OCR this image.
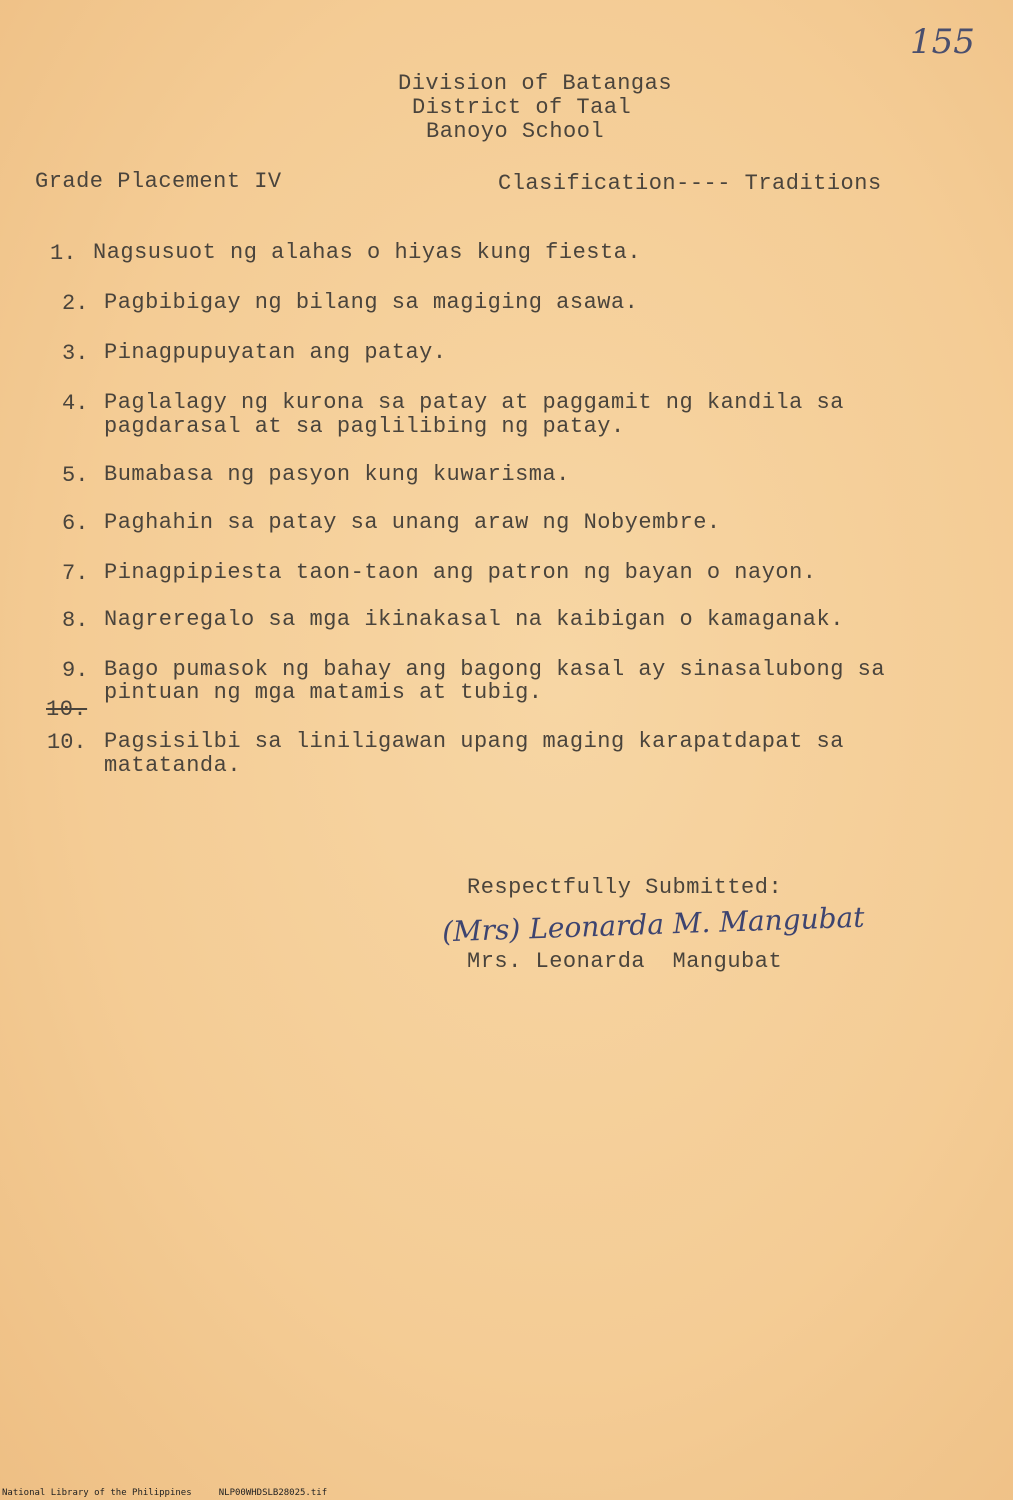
155
Division of Batangas
District of Taal
Banoyo School
Grade Placement IV	Clasification---- Traditions
1. Nagsusuot ng alahas o hiyas kung fiesta.
2. Pagbibigay ng bilang sa magiging asawa.
3. Pinagpupuyatan ang patay.
4. Paglalagy ng kurona sa patay at paggamit ng kandila sa
pagdarasal at sa paglilibing ng patay.
5. Bumabasa ng pasyon kung kuwarisma.
6. Paghahin sa patay sa unang araw ng Nobyembre.
7. Pinagpipiesta taon-taon ang patron ng bayan o nayon.
8. Nagreregalo sa mga ikinakasal na kaibigan o kamaganak.
9. Bago pumasok ng bahay ang bagong kasal ay sinasalubong sa
pintuan ng mga matamis at tubig.
10.
10. Pagsisilbi sa liniligawan upang maging karapatdapat sa
matatanda.
Respectfully Submitted:
(Mrs) Leonarda M. Mangubat
Mrs. Leonarda  Mangubat
National Library of the Philippines     NLP00WHDSLB28025.tif
